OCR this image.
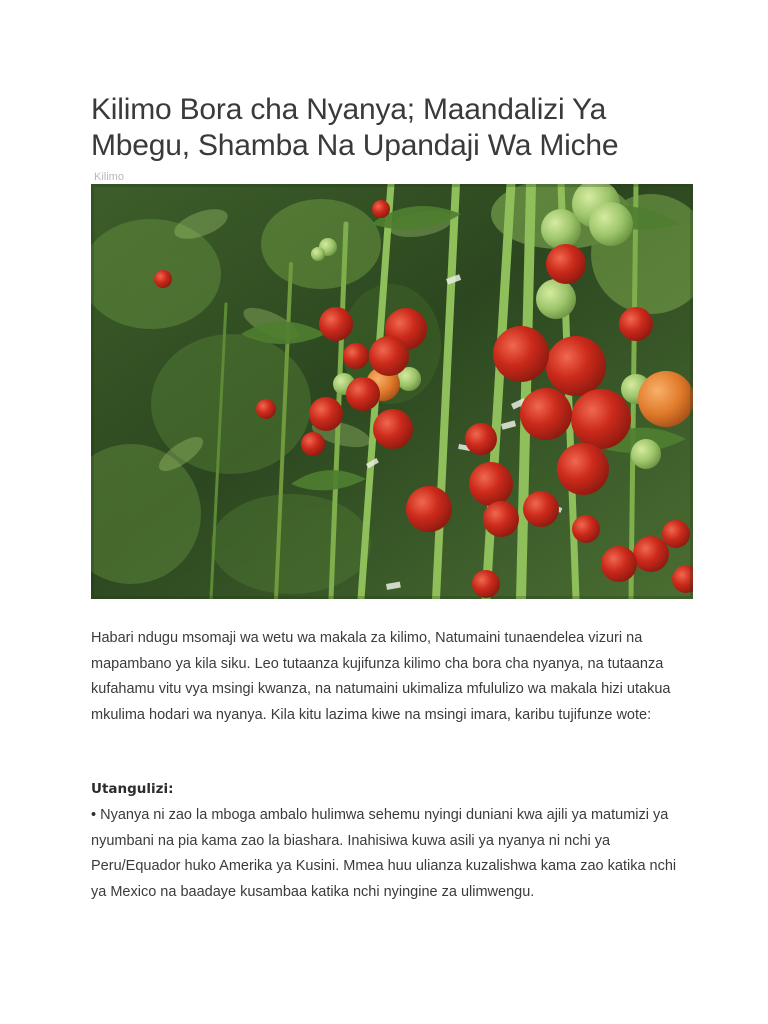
Kilimo Bora cha Nyanya; Maandalizi Ya Mbegu, Shamba Na Upandaji Wa Miche
Kilimo

Habari ndugu msomaji wa wetu wa makala za kilimo, Natumaini tunaendelea vizuri na mapambano ya kila siku. Leo tutaanza kujifunza kilimo cha bora cha nyanya, na tutaanza kufahamu vitu vya msingi kwanza, na natumaini ukimaliza mfululizo wa makala hizi utakua mkulima hodari wa nyanya. Kila kitu lazima kiwe na msingi imara, karibu tujifunze wote:

Utangulizi:

• Nyanya ni zao la mboga ambalo hulimwa sehemu nyingi duniani kwa ajili ya matumizi ya nyumbani na pia kama zao la biashara. Inahisiwa kuwa asili ya nyanya ni nchi ya Peru/Equador huko Amerika ya Kusini. Mmea huu ulianza kuzalishwa kama zao katika nchi ya Mexico na baadaye kusambaa katika nchi nyingine za ulimwengu.
